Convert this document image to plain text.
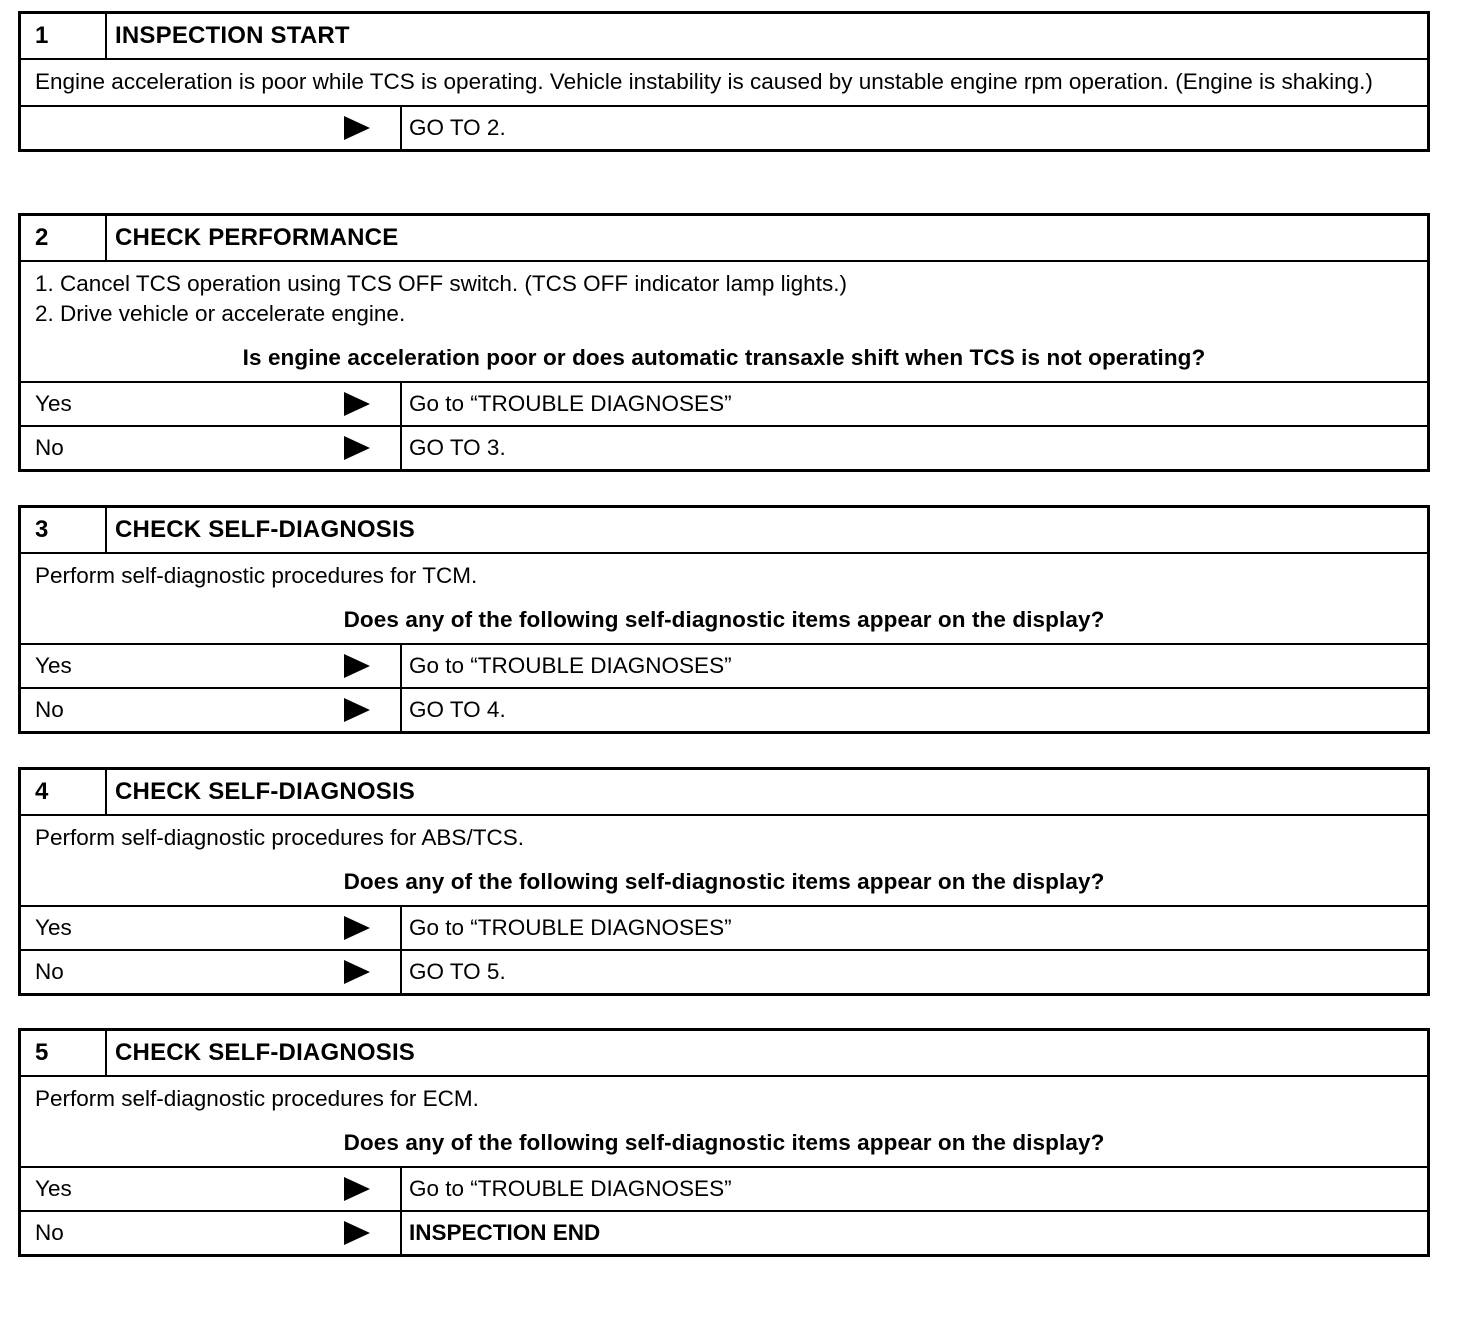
1	INSPECTION START
Engine acceleration is poor while TCS is operating. Vehicle instability is caused by unstable engine rpm operation. (Engine is shaking.)
GO TO 2.
2	CHECK PERFORMANCE
1. Cancel TCS operation using TCS OFF switch. (TCS OFF indicator lamp lights.)
2. Drive vehicle or accelerate engine.
Is engine acceleration poor or does automatic transaxle shift when TCS is not operating?
Yes	Go to “TROUBLE DIAGNOSES”
No	GO TO 3.
3	CHECK SELF-DIAGNOSIS
Perform self-diagnostic procedures for TCM.
Does any of the following self-diagnostic items appear on the display?
Yes	Go to “TROUBLE DIAGNOSES”
No	GO TO 4.
4	CHECK SELF-DIAGNOSIS
Perform self-diagnostic procedures for ABS/TCS.
Does any of the following self-diagnostic items appear on the display?
Yes	Go to “TROUBLE DIAGNOSES”
No	GO TO 5.
5	CHECK SELF-DIAGNOSIS
Perform self-diagnostic procedures for ECM.
Does any of the following self-diagnostic items appear on the display?
Yes	Go to “TROUBLE DIAGNOSES”
No	INSPECTION END
